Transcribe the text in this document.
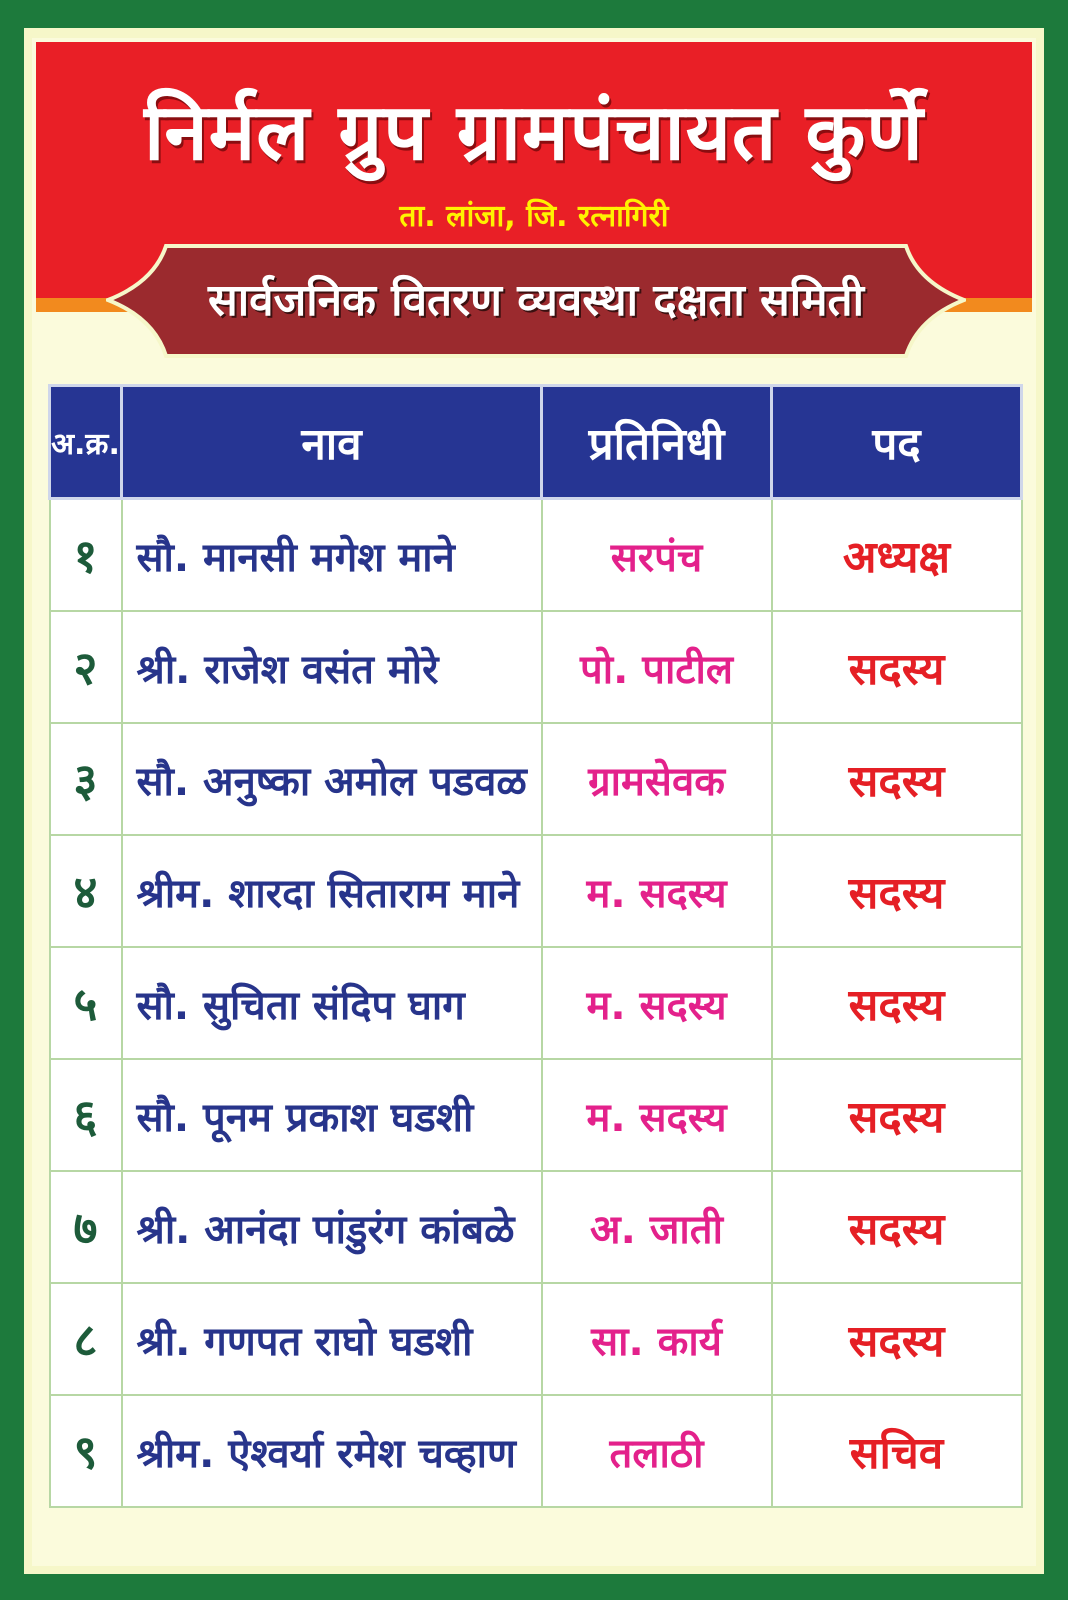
निर्मल ग्रुप ग्रामपंचायत कुर्णे
ता. लांजा, जि. रत्नागिरी
सार्वजनिक वितरण व्यवस्था दक्षता समिती
अ.क्र.	नाव	प्रतिनिधी	पद
१	सौ. मानसी मगेश माने	सरपंच	अध्यक्ष
२	श्री. राजेश वसंत मोरे	पो. पाटील	सदस्य
३	सौ. अनुष्का अमोल पडवळ	ग्रामसेवक	सदस्य
४	श्रीम. शारदा सिताराम माने	म. सदस्य	सदस्य
५	सौ. सुचिता संदिप घाग	म. सदस्य	सदस्य
६	सौ. पूनम प्रकाश घडशी	म. सदस्य	सदस्य
७	श्री. आनंदा पांडुरंग कांबळे	अ. जाती	सदस्य
८	श्री. गणपत राघो घडशी	सा. कार्य	सदस्य
९	श्रीम. ऐश्वर्या रमेश चव्हाण	तलाठी	सचिव
